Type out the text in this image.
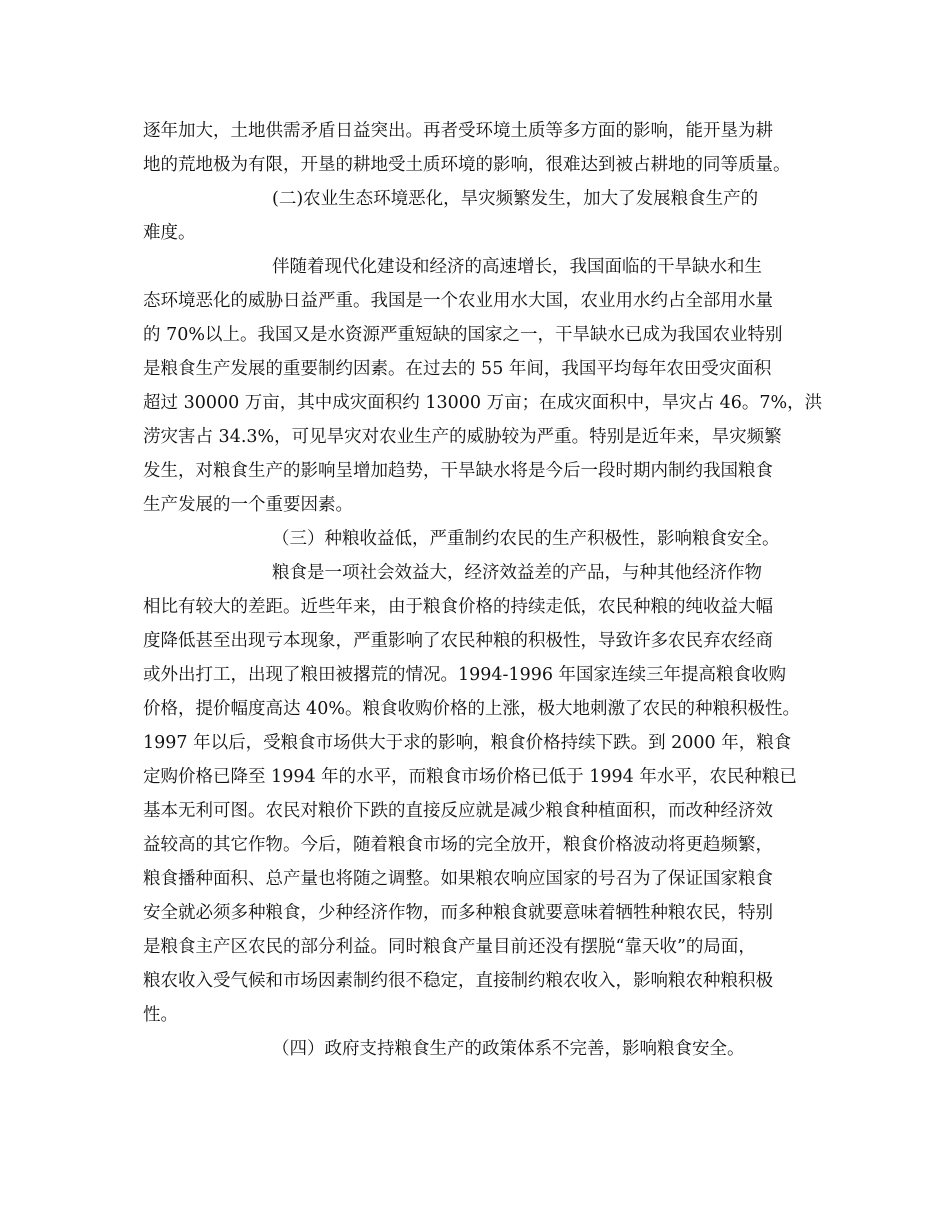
逐年加大，土地供需矛盾日益突出。再者受环境土质等多方面的影响，能开垦为耕
地的荒地极为有限，开垦的耕地受土质环境的影响，很难达到被占耕地的同等质量。
(二)农业生态环境恶化，旱灾频繁发生，加大了发展粮食生产的
难度。
伴随着现代化建设和经济的高速增长，我国面临的干旱缺水和生
态环境恶化的威胁日益严重。我国是一个农业用水大国，农业用水约占全部用水量
的 70%以上。我国又是水资源严重短缺的国家之一，干旱缺水已成为我国农业特别
是粮食生产发展的重要制约因素。在过去的 55 年间，我国平均每年农田受灾面积
超过 30000 万亩，其中成灾面积约 13000 万亩；在成灾面积中，旱灾占 46。7%，洪
涝灾害占 34.3%，可见旱灾对农业生产的威胁较为严重。特别是近年来，旱灾频繁
发生，对粮食生产的影响呈增加趋势，干旱缺水将是今后一段时期内制约我国粮食
生产发展的一个重要因素。
（三）种粮收益低，严重制约农民的生产积极性，影响粮食安全。
粮食是一项社会效益大，经济效益差的产品，与种其他经济作物
相比有较大的差距。近些年来，由于粮食价格的持续走低，农民种粮的纯收益大幅
度降低甚至出现亏本现象，严重影响了农民种粮的积极性，导致许多农民弃农经商
或外出打工，出现了粮田被撂荒的情况。1994-1996 年国家连续三年提高粮食收购
价格，提价幅度高达 40%。粮食收购价格的上涨，极大地刺激了农民的种粮积极性。
1997 年以后，受粮食市场供大于求的影响，粮食价格持续下跌。到 2000 年，粮食
定购价格已降至 1994 年的水平，而粮食市场价格已低于 1994 年水平，农民种粮已
基本无利可图。农民对粮价下跌的直接反应就是减少粮食种植面积，而改种经济效
益较高的其它作物。今后，随着粮食市场的完全放开，粮食价格波动将更趋频繁，
粮食播种面积、总产量也将随之调整。如果粮农响应国家的号召为了保证国家粮食
安全就必须多种粮食，少种经济作物，而多种粮食就要意味着牺牲种粮农民，特别
是粮食主产区农民的部分利益。同时粮食产量目前还没有摆脱“靠天收”的局面，
粮农收入受气候和市场因素制约很不稳定，直接制约粮农收入，影响粮农种粮积极
性。
（四）政府支持粮食生产的政策体系不完善，影响粮食安全。
